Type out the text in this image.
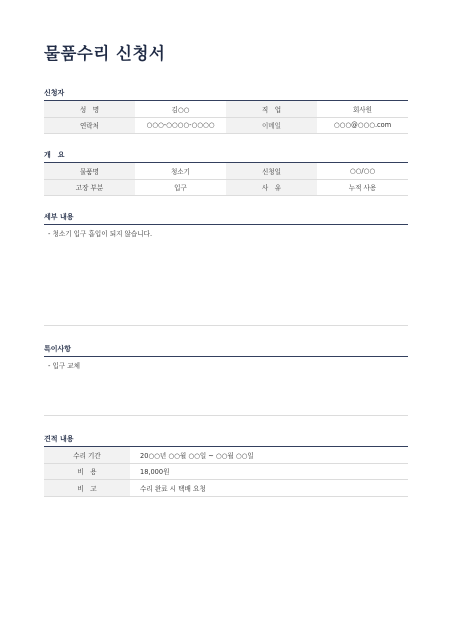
물품수리 신청서
신청자
성　명	김○○	직　업	회사원
연락처	○○○-○○○○-○○○○	이메일	○○○@○○○.com
개　요
물품명	청소기	신청일	○○/○○
고장 부분	입구	사　유	누적 사용
세부 내용
- 청소기 입구 흡입이 되지 않습니다.
특이사항
- 입구 교체
견적 내용
수리 기간	20○○년 ○○월 ○○일 ~ ○○월 ○○일
비　용	18,000원
비　고	수리 완료 시 택배 요청
